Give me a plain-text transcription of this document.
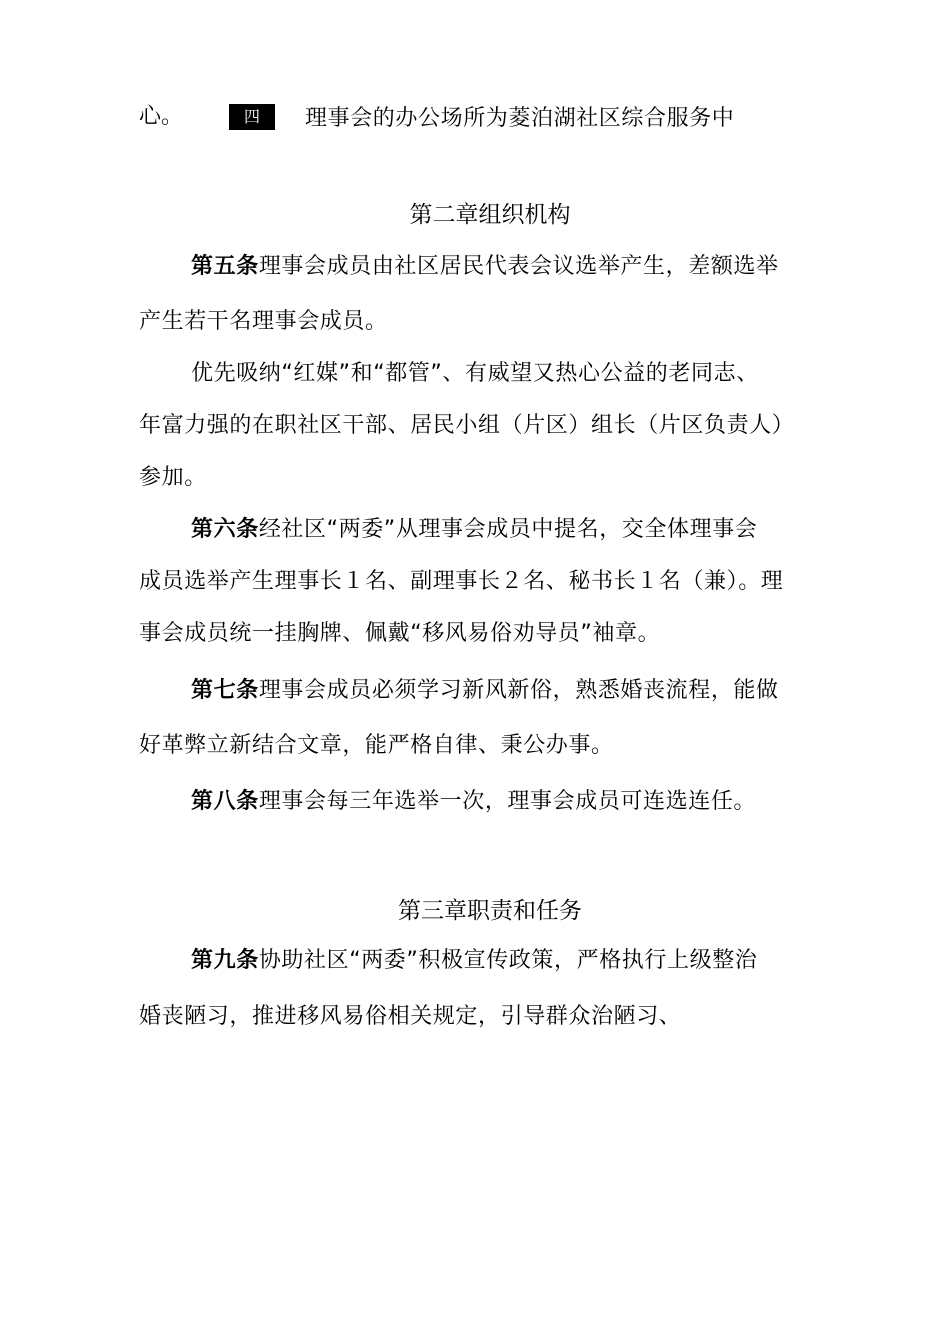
心。	四	理事会的办公场所为菱泊湖社区综合服务中
第二章组织机构
第五条理事会成员由社区居民代表会议选举产生，差额选举
产生若干名理事会成员。
优先吸纳“红媒”和“都管”、有威望又热心公益的老同志、
年富力强的在职社区干部、居民小组（片区）组长（片区负责人）
参加。
第六条经社区“两委”从理事会成员中提名，交全体理事会
成员选举产生理事长１名、副理事长２名、秘书长１名（兼）。理
事会成员统一挂胸牌、佩戴“移风易俗劝导员”袖章。
第七条理事会成员必须学习新风新俗，熟悉婚丧流程，能做
好革弊立新结合文章，能严格自律、秉公办事。
第八条理事会每三年选举一次，理事会成员可连选连任。
第三章职责和任务
第九条协助社区“两委”积极宣传政策，严格执行上级整治
婚丧陋习，推进移风易俗相关规定，引导群众治陋习、
